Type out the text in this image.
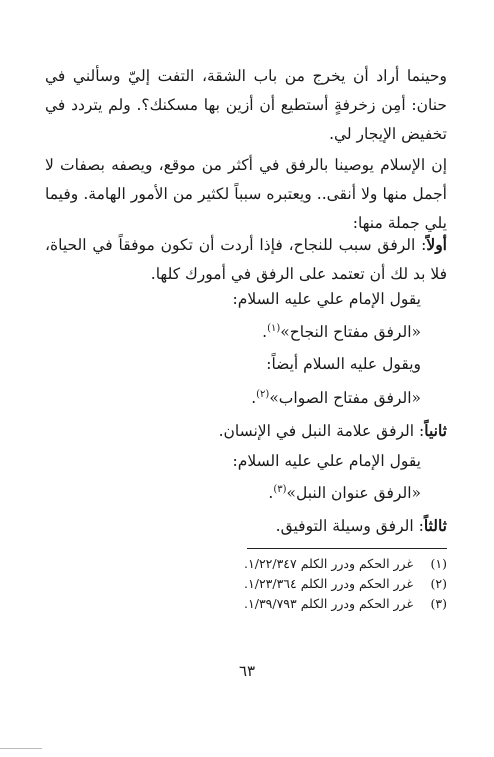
وحينما أراد أن يخرج من باب الشقة، التفت إليّ وسألني في حنان: أمِن زخرفةٍ أستطيع أن أزين بها مسكنك؟. ولم يتردد في تخفيض الإيجار لي.
إن الإسلام يوصينا بالرفق في أكثر من موقع، ويصفه بصفات لا أجمل منها ولا أنقى.. ويعتبره سبباً لكثير من الأمور الهامة. وفيما يلي جملة منها:
أولاً: الرفق سبب للنجاح، فإذا أردت أن تكون موفقاً في الحياة، فلا بد لك أن تعتمد على الرفق في أمورك كلها.
يقول الإمام علي عليه السلام:
«الرفق مفتاح النجاح»$^{(١)}$.
ويقول عليه السلام أيضاً:
«الرفق مفتاح الصواب»$^{(٢)}$.
ثانياً: الرفق علامة النبل في الإنسان.
يقول الإمام علي عليه السلام:
«الرفق عنوان النبل»$^{(٣)}$.
ثالثاً: الرفق وسيلة التوفيق.
(١)غرر الحكم ودرر الكلم ١/٢٢/٣٤٧.
(٢)غرر الحكم ودرر الكلم ١/٢٣/٣٦٤.
(٣)غرر الحكم ودرر الكلم ١/٣٩/٧٩٣.
٦٣
